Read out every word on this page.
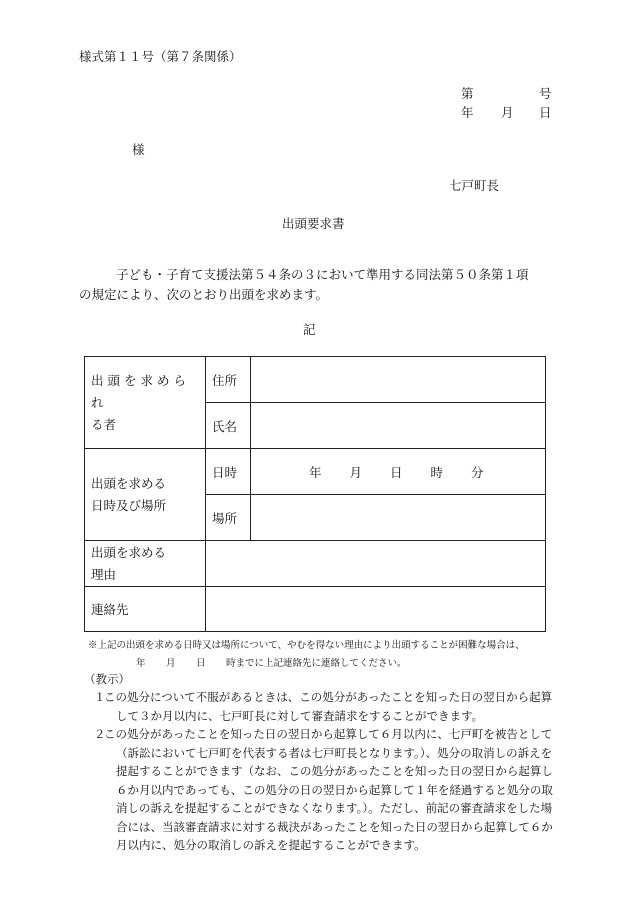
様式第１１号（第７条関係）
第	号
年 月 日
様
七戸町長
出頭要求書
子ども・子育て支援法第５４条の３において準用する同法第５０条第１項
の規定により、次のとおり出頭を求めます。
記
出頭を求められ
る者	住所	
	氏名	

出頭を求める
日時及び場所	日時	年 月 日 時 分
	場所	

出頭を求める
理由		

連絡先		
※上記の出頭を求める日時又は場所について、やむを得ない理由により出頭することが困難な場合は、
年 月 日 時までに上記連絡先に連絡してください。
（教示）
１
この処分について不服があるときは、この処分があったことを知った日の翌日から起算して３か月以内に、七戸町長に対して審査請求をすることができます。
２
この処分があったことを知った日の翌日から起算して６月以内に、七戸町を被告として（訴訟において七戸町を代表する者は七戸町長となります。）、処分の取消しの訴えを提起することができます（なお、この処分があったことを知った日の翌日から起算し６か月以内であっても、この処分の日の翌日から起算して１年を経過すると処分の取消しの訴えを提起することができなくなります。）。ただし、前記の審査請求をした場合には、当該審査請求に対する裁決があったことを知った日の翌日から起算して６か月以内に、処分の取消しの訴えを提起することができます。
